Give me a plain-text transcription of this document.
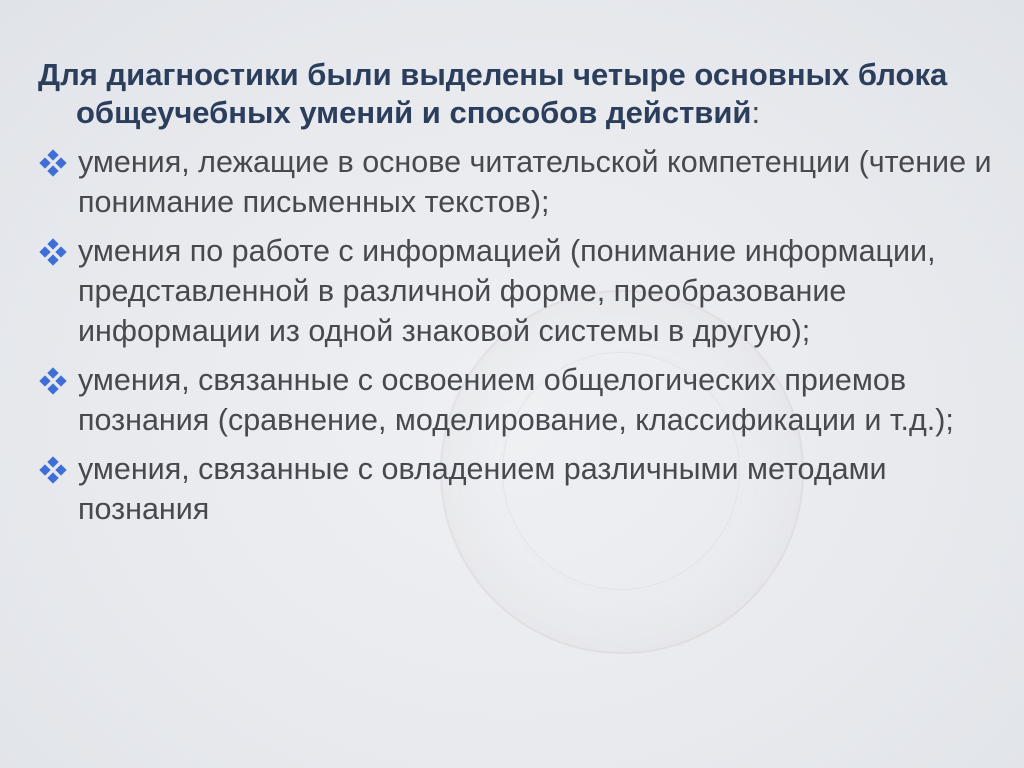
Для диагностики были выделены четыре основных блока общеучебных умений и способов действий:

умения, лежащие в основе читательской компетенции (чтение и понимание письменных текстов);
умения по работе с информацией (понимание информации, представленной в различной форме, преобразование информации из одной знаковой системы в другую);
умения, связанные с освоением общелогических приемов познания (сравнение, моделирование, классификации и т.д.);
умения, связанные с овладением различными методами познания
